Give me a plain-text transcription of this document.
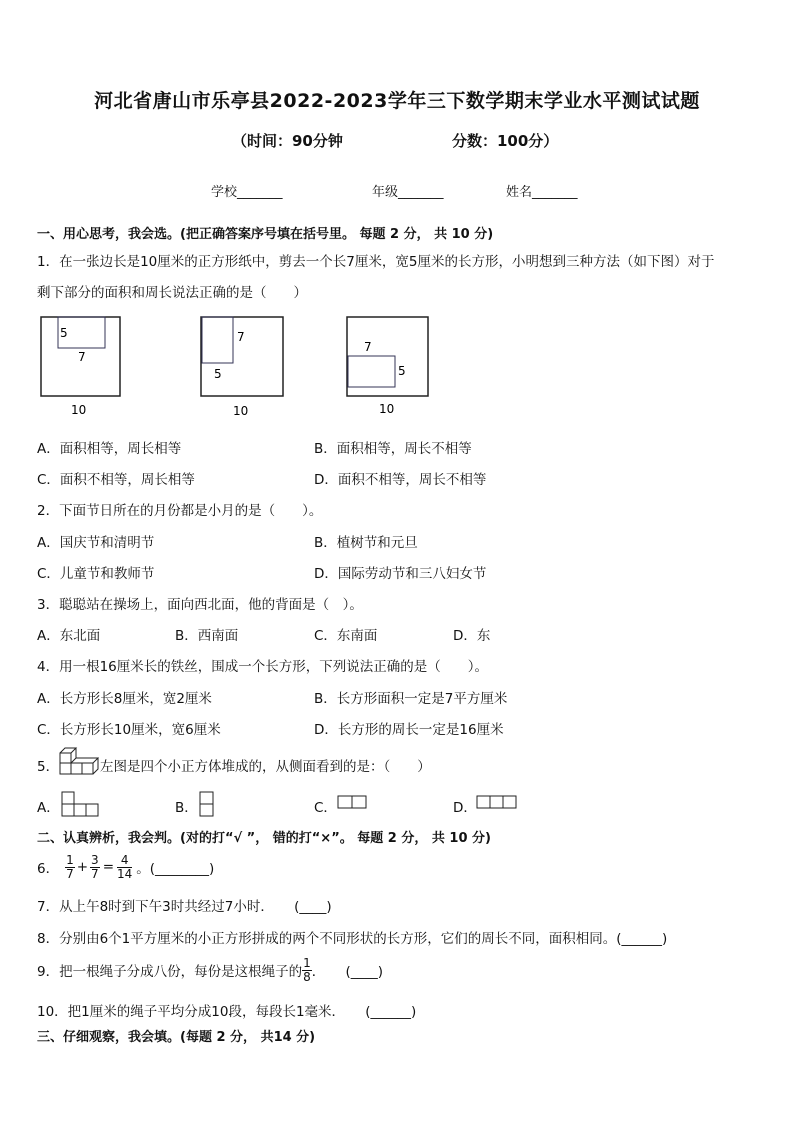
河北省唐山市乐亭县2022-2023学年三下数学期末学业水平测试试题
（时间：90分钟	分数：100分）
学校_______	年级_______	姓名_______
一、用心思考，我会选。(把正确答案序号填在括号里。 每题 2 分， 共 10 分)
1．在一张边长是10厘米的正方形纸中，剪去一个长7厘米，宽5厘米的长方形，小明想到三种方法（如下图）对于
剩下部分的面积和周长说法正确的是（　　）
5
7
10
7
5
10
7
5
10
A．面积相等，周长相等	B．面积相等，周长不相等
C．面积不相等，周长相等	D．面积不相等，周长不相等
2．下面节日所在的月份都是小月的是（　　）。
A．国庆节和清明节	B．植树节和元旦
C．儿童节和教师节	D．国际劳动节和三八妇女节
3．聪聪站在操场上，面向西北面，他的背面是（　）。
A．东北面	B．西南面	C．东南面	D．东
4．用一根16厘米长的铁丝，围成一个长方形，下列说法正确的是（　　）。
A．长方形长8厘米，宽2厘米	B．长方形面积一定是7平方厘米
C．长方形长10厘米，宽6厘米	D．长方形的周长一定是16厘米
5．	左图是四个小正方体堆成的，从侧面看到的是：（　　）
A．	B．	C．	D．
二、认真辨析，我会判。(对的打“√ ”， 错的打“×”。 每题 2 分， 共 10 分)
6． $\frac{1}{7} + \frac{3}{7} = \frac{4}{14}$ 。(________)
7．从上午8时到下午3时共经过7小时．　　(____)
8．分别由6个1平方厘米的小正方形拼成的两个不同形状的长方形，它们的周长不同，面积相同。(______)
9．把一根绳子分成八份，每份是这根绳子的 $\frac{1}{8}$ ．　　(____)
10．把1厘米的绳子平均分成10段，每段长1毫米．　　(______)
三、仔细观察，我会填。(每题 2 分， 共14 分)
